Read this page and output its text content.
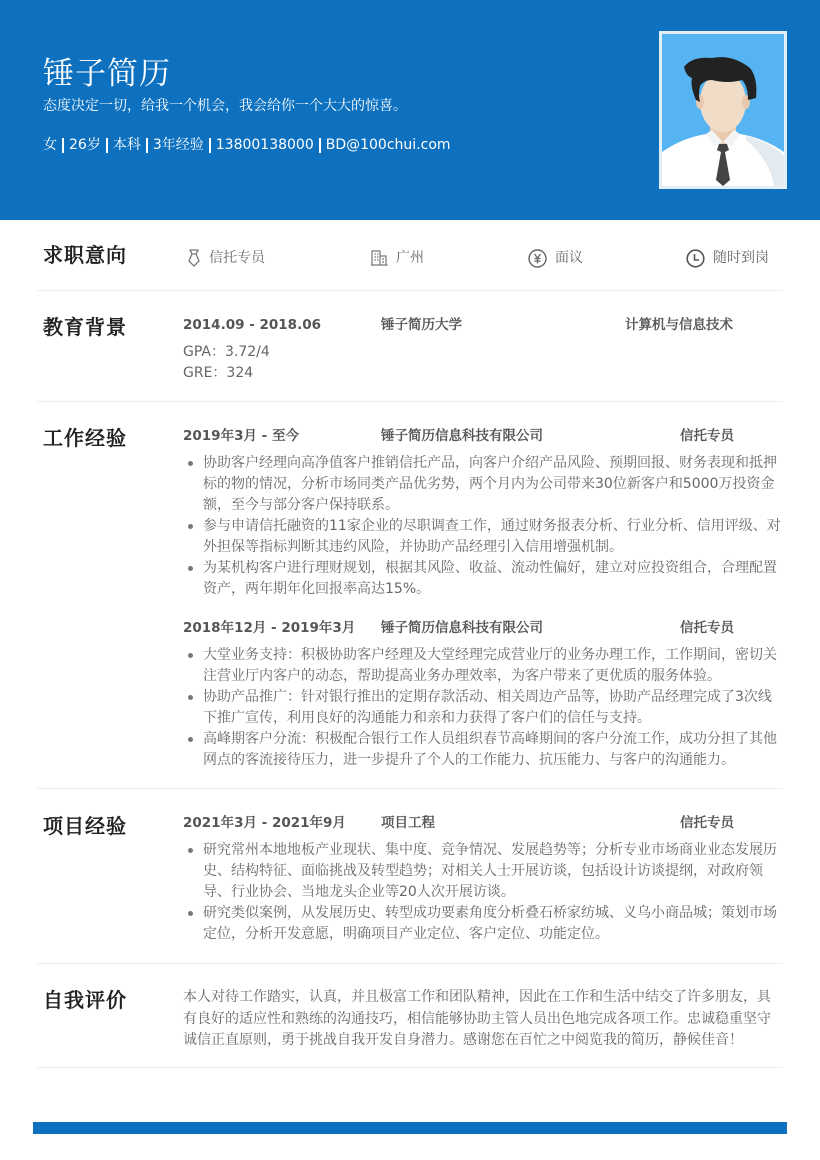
锤子简历
态度决定一切，给我一个机会，我会给你一个大大的惊喜。
女 26岁 本科 3年经验 13800138000 BD@100chui.com
求职意向	信托专员	广州	面议	随时到岗
教育背景	2014.09 - 2018.06	锤子简历大学	计算机与信息技术
GPA：3.72/4
GRE：324
工作经验	2019年3月 - 至今	锤子简历信息科技有限公司	信托专员
协助客户经理向高净值客户推销信托产品，向客户介绍产品风险、预期回报、财务表现和抵押标的物的情况，分析市场同类产品优劣势，两个月内为公司带来30位新客户和5000万投资金额，至今与部分客户保持联系。
参与申请信托融资的11家企业的尽职调查工作，通过财务报表分析、行业分析、信用评级、对外担保等指标判断其违约风险，并协助产品经理引入信用增强机制。
为某机构客户进行理财规划，根据其风险、收益、流动性偏好，建立对应投资组合，合理配置资产，两年期年化回报率高达15%。
2018年12月 - 2019年3月 锤子简历信息科技有限公司	信托专员
大堂业务支持：积极协助客户经理及大堂经理完成营业厅的业务办理工作，工作期间，密切关注营业厅内客户的动态，帮助提高业务办理效率，为客户带来了更优质的服务体验。
协助产品推广：针对银行推出的定期存款活动、相关周边产品等，协助产品经理完成了3次线下推广宣传，利用良好的沟通能力和亲和力获得了客户们的信任与支持。
高峰期客户分流：积极配合银行工作人员组织春节高峰期间的客户分流工作，成功分担了其他网点的客流接待压力，进一步提升了个人的工作能力、抗压能力、与客户的沟通能力。
项目经验	2021年3月 - 2021年9月	项目工程	信托专员
研究常州本地地板产业现状、集中度、竞争情况、发展趋势等；分析专业市场商业业态发展历史、结构特征、面临挑战及转型趋势；对相关人士开展访谈，包括设计访谈提纲，对政府领导、行业协会、当地龙头企业等20人次开展访谈。
研究类似案例，从发展历史、转型成功要素角度分析叠石桥家纺城、义乌小商品城；策划市场定位，分析开发意愿，明确项目产业定位、客户定位、功能定位。
自我评价	本人对待工作踏实，认真，并且极富工作和团队精神，因此在工作和生活中结交了许多朋友，具有良好的适应性和熟练的沟通技巧，相信能够协助主管人员出色地完成各项工作。忠诚稳重坚守诚信正直原则，勇于挑战自我开发自身潜力。感谢您在百忙之中阅览我的简历，静候佳音！
